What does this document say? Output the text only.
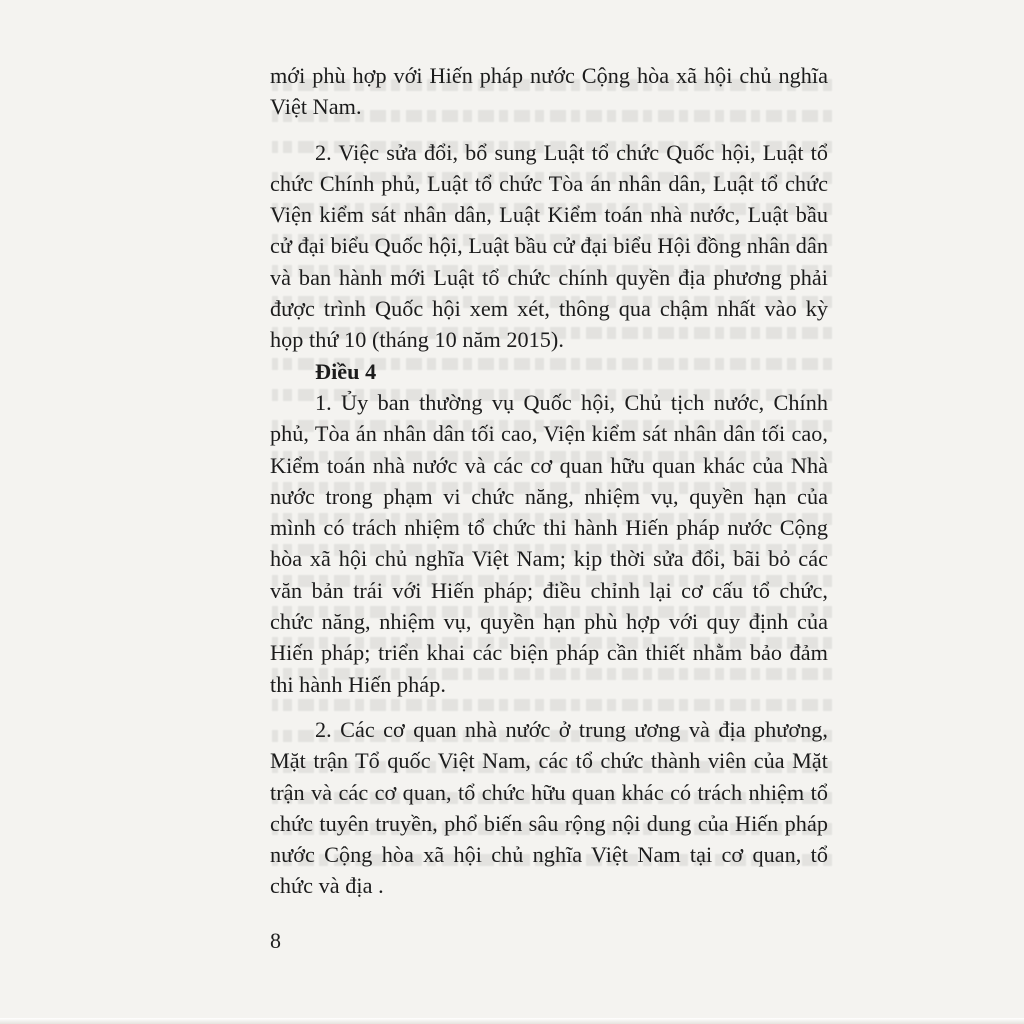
mới phù hợp với Hiến pháp nước Cộng hòa xã hội chủ nghĩa Việt Nam.

2. Việc sửa đổi, bổ sung Luật tổ chức Quốc hội, Luật tổ chức Chính phủ, Luật tổ chức Tòa án nhân dân, Luật tổ chức Viện kiểm sát nhân dân, Luật Kiểm toán nhà nước, Luật bầu cử đại biểu Quốc hội, Luật bầu cử đại biểu Hội đồng nhân dân và ban hành mới Luật tổ chức chính quyền địa phương phải được trình Quốc hội xem xét, thông qua chậm nhất vào kỳ họp thứ 10 (tháng 10 năm 2015).

Điều 4

1. Ủy ban thường vụ Quốc hội, Chủ tịch nước, Chính phủ, Tòa án nhân dân tối cao, Viện kiểm sát nhân dân tối cao, Kiểm toán nhà nước và các cơ quan hữu quan khác của Nhà nước trong phạm vi chức năng, nhiệm vụ, quyền hạn của mình có trách nhiệm tổ chức thi hành Hiến pháp nước Cộng hòa xã hội chủ nghĩa Việt Nam; kịp thời sửa đổi, bãi bỏ các văn bản trái với Hiến pháp; điều chỉnh lại cơ cấu tổ chức, chức năng, nhiệm vụ, quyền hạn phù hợp với quy định của Hiến pháp; triển khai các biện pháp cần thiết nhằm bảo đảm thi hành Hiến pháp.

2. Các cơ quan nhà nước ở trung ương và địa phương, Mặt trận Tổ quốc Việt Nam, các tổ chức thành viên của Mặt trận và các cơ quan, tổ chức hữu quan khác có trách nhiệm tổ chức tuyên truyền, phổ biến sâu rộng nội dung của Hiến pháp nước Cộng hòa xã hội chủ nghĩa Việt Nam tại cơ quan, tổ chức và địa .

8
